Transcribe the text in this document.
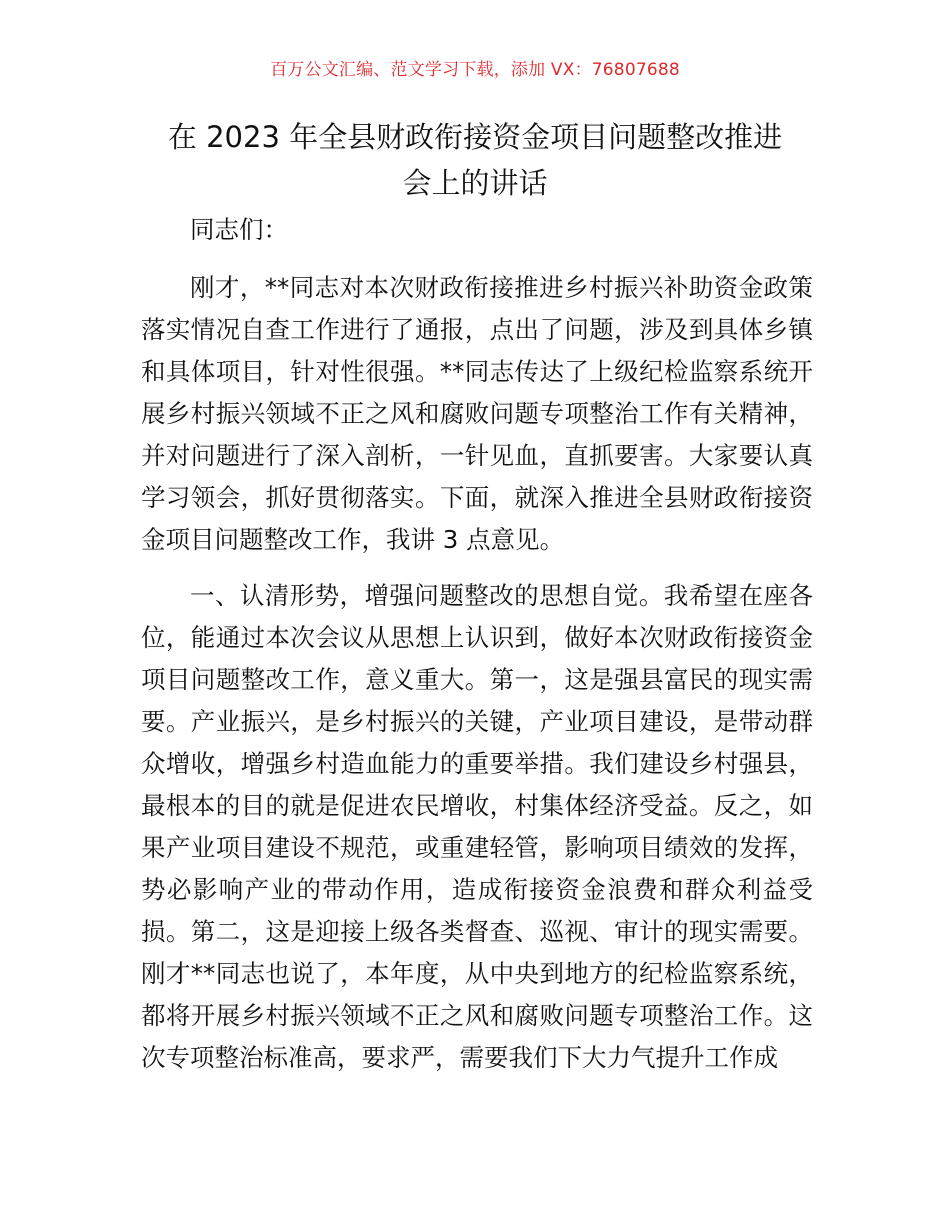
百万公文汇编、范文学习下载，添加 VX：76807688
在 2023 年全县财政衔接资金项目问题整改推进
会上的讲话

同志们：

刚才，**同志对本次财政衔接推进乡村振兴补助资金政策落实情况自查工作进行了通报，点出了问题，涉及到具体乡镇和具体项目，针对性很强。**同志传达了上级纪检监察系统开展乡村振兴领域不正之风和腐败问题专项整治工作有关精神，并对问题进行了深入剖析，一针见血，直抓要害。大家要认真学习领会，抓好贯彻落实。下面，就深入推进全县财政衔接资金项目问题整改工作，我讲 3 点意见。

一、认清形势，增强问题整改的思想自觉。我希望在座各位，能通过本次会议从思想上认识到，做好本次财政衔接资金项目问题整改工作，意义重大。第一，这是强县富民的现实需要。产业振兴，是乡村振兴的关键，产业项目建设，是带动群众增收，增强乡村造血能力的重要举措。我们建设乡村强县，最根本的目的就是促进农民增收，村集体经济受益。反之，如果产业项目建设不规范，或重建轻管，影响项目绩效的发挥，势必影响产业的带动作用，造成衔接资金浪费和群众利益受损。第二，这是迎接上级各类督查、巡视、审计的现实需要。刚才**同志也说了，本年度，从中央到地方的纪检监察系统，都将开展乡村振兴领域不正之风和腐败问题专项整治工作。这次专项整治标准高，要求严，需要我们下大力气提升工作成
